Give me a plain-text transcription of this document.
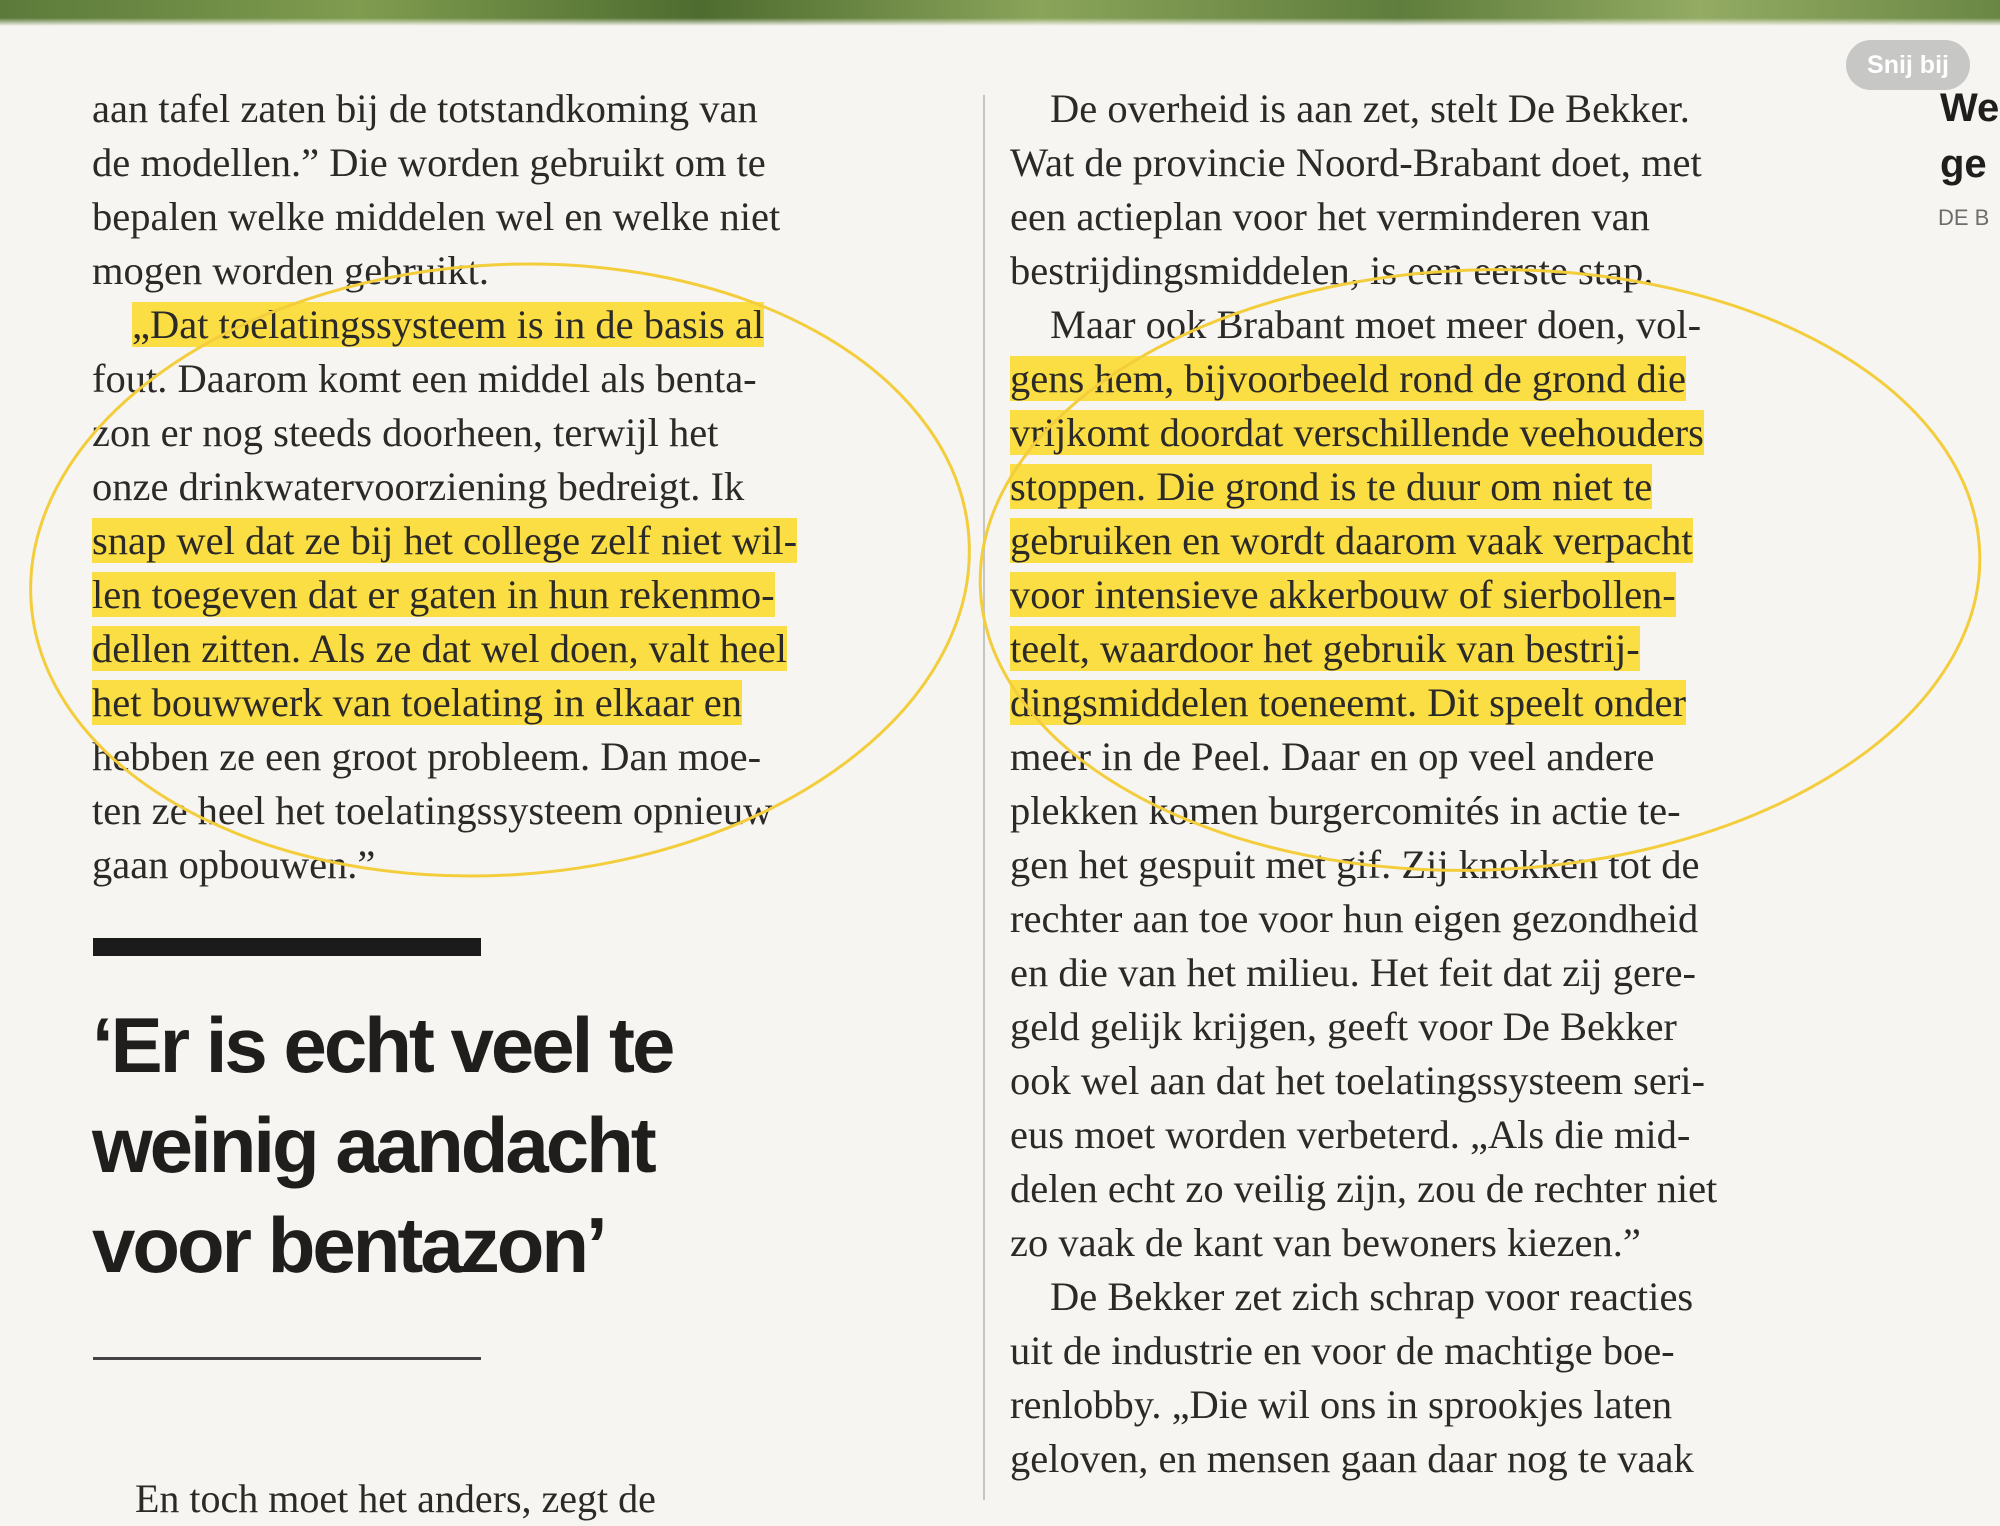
aan tafel zaten bij de totstandkoming van
de modellen.” Die worden gebruikt om te
bepalen welke middelen wel en welke niet
mogen worden gebruikt.
„Dat toelatingssysteem is in de basis al
fout. Daarom komt een middel als benta-
zon er nog steeds doorheen, terwijl het
onze drinkwatervoorziening bedreigt. Ik
snap wel dat ze bij het college zelf niet wil-
len toegeven dat er gaten in hun rekenmo-
dellen zitten. Als ze dat wel doen, valt heel
het bouwwerk van toelating in elkaar en
hebben ze een groot probleem. Dan moe-
ten ze heel het toelatingssysteem opnieuw
gaan opbouwen.”
‘Er is echt veel te
weinig aandacht
voor bentazon’
En toch moet het anders, zegt de
De overheid is aan zet, stelt De Bekker.
Wat de provincie Noord-Brabant doet, met
een actieplan voor het verminderen van
bestrijdingsmiddelen, is een eerste stap.
Maar ook Brabant moet meer doen, vol-
gens hem, bijvoorbeeld rond de grond die
vrijkomt doordat verschillende veehouders
stoppen. Die grond is te duur om niet te
gebruiken en wordt daarom vaak verpacht
voor intensieve akkerbouw of sierbollen-
teelt, waardoor het gebruik van bestrij-
dingsmiddelen toeneemt. Dit speelt onder
meer in de Peel. Daar en op veel andere
plekken komen burgercomités in actie te-
gen het gespuit met gif. Zij knokken tot de
rechter aan toe voor hun eigen gezondheid
en die van het milieu. Het feit dat zij gere-
geld gelijk krijgen, geeft voor De Bekker
ook wel aan dat het toelatingssysteem seri-
eus moet worden verbeterd. „Als die mid-
delen echt zo veilig zijn, zou de rechter niet
zo vaak de kant van bewoners kiezen.”
De Bekker zet zich schrap voor reacties
uit de industrie en voor de machtige boe-
renlobby. „Die wil ons in sprookjes laten
geloven, en mensen gaan daar nog te vaak
We
ge
DE B
Snij bij
